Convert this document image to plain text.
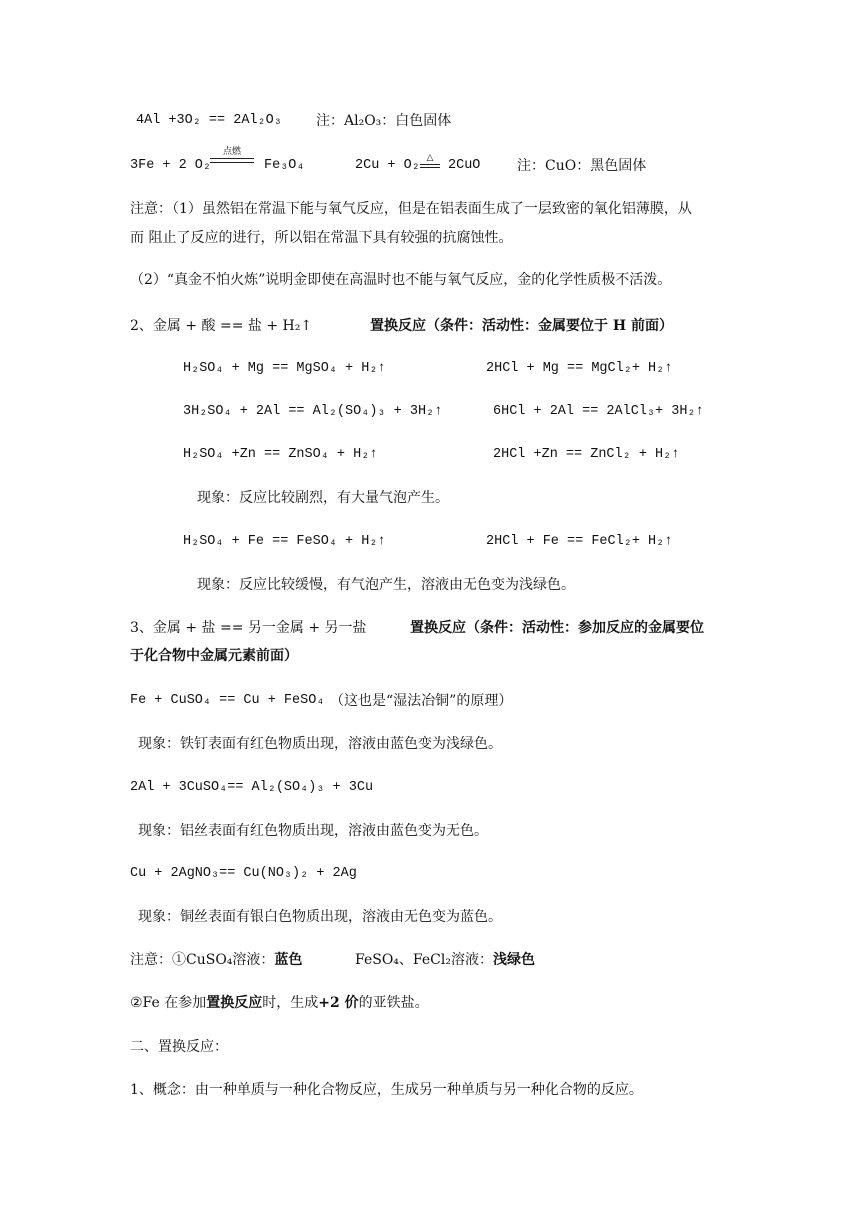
4Al +3O₂ == 2Al₂O₃ 注：Al₂O₃：白色固体
3Fe + 2 O₂
点燃
Fe₃O₄	2Cu + O₂ △	2CuO	注：CuO：黑色固体
注意：（1）虽然铝在常温下能与氧气反应，但是在铝表面生成了一层致密的氧化铝薄膜，从
而 阻止了反应的进行，所以铝在常温下具有较强的抗腐蚀性。
（2）“真金不怕火炼”说明金即使在高温时也不能与氧气反应，金的化学性质极不活泼。
2、金属 + 酸 == 盐 + H₂↑	置换反应（条件：活动性：金属要位于 H 前面）
H₂SO₄ + Mg == MgSO₄ + H₂↑	2HCl + Mg == MgCl₂+ H₂↑
3H₂SO₄ + 2Al == Al₂(SO₄)₃ + 3H₂↑	6HCl + 2Al == 2AlCl₃+ 3H₂↑
H₂SO₄ +Zn == ZnSO₄ + H₂↑	2HCl +Zn == ZnCl₂ + H₂↑
现象：反应比较剧烈，有大量气泡产生。
H₂SO₄ + Fe == FeSO₄ + H₂↑	2HCl + Fe == FeCl₂+ H₂↑
现象：反应比较缓慢，有气泡产生，溶液由无色变为浅绿色。
3、金属 + 盐 == 另一金属 + 另一盐	置换反应（条件：活动性：参加反应的金属要位
于化合物中金属元素前面）
Fe + CuSO₄ == Cu + FeSO₄ （这也是“湿法冶铜”的原理）
现象：铁钉表面有红色物质出现，溶液由蓝色变为浅绿色。
2Al + 3CuSO₄== Al₂(SO₄)₃ + 3Cu
现象：铝丝表面有红色物质出现，溶液由蓝色变为无色。
Cu + 2AgNO₃== Cu(NO₃)₂ + 2Ag
现象：铜丝表面有银白色物质出现，溶液由无色变为蓝色。
注意：①CuSO₄溶液：蓝色	FeSO₄、FeCl₂溶液：浅绿色
②Fe 在参加置换反应时，生成+2 价的亚铁盐。
二、置换反应：
1、概念：由一种单质与一种化合物反应，生成另一种单质与另一种化合物的反应。
